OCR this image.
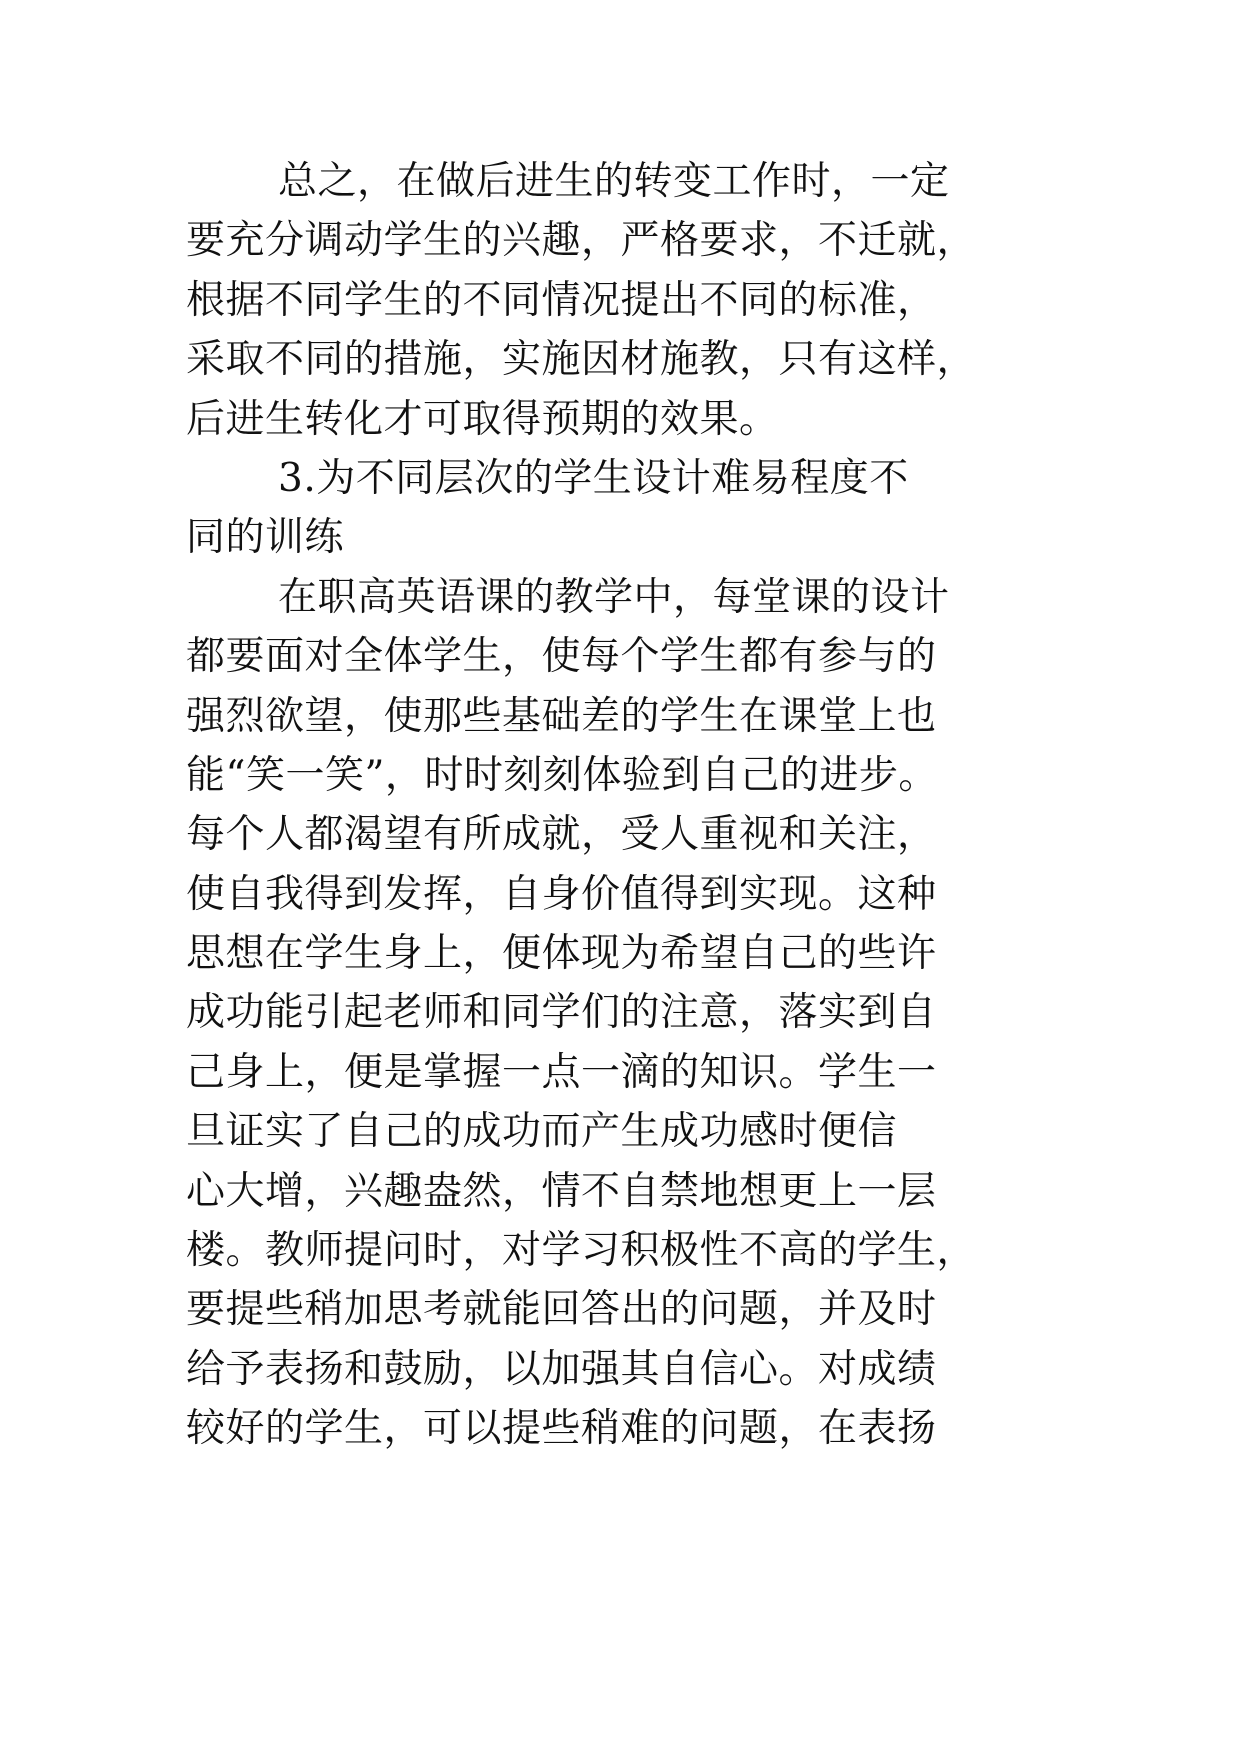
总之，在做后进生的转变工作时，一定
要充分调动学生的兴趣，严格要求，不迁就，
根据不同学生的不同情况提出不同的标准，
采取不同的措施，实施因材施教，只有这样，
后进生转化才可取得预期的效果。
3.为不同层次的学生设计难易程度不
同的训练
在职高英语课的教学中，每堂课的设计
都要面对全体学生，使每个学生都有参与的
强烈欲望，使那些基础差的学生在课堂上也
能“笑一笑”，时时刻刻体验到自己的进步。
每个人都渴望有所成就，受人重视和关注，
使自我得到发挥，自身价值得到实现。这种
思想在学生身上，便体现为希望自己的些许
成功能引起老师和同学们的注意，落实到自
己身上，便是掌握一点一滴的知识。学生一
旦证实了自己的成功而产生成功感时便信
心大增，兴趣盎然，情不自禁地想更上一层
楼。教师提问时，对学习积极性不高的学生，
要提些稍加思考就能回答出的问题，并及时
给予表扬和鼓励，以加强其自信心。对成绩
较好的学生，可以提些稍难的问题，在表扬
